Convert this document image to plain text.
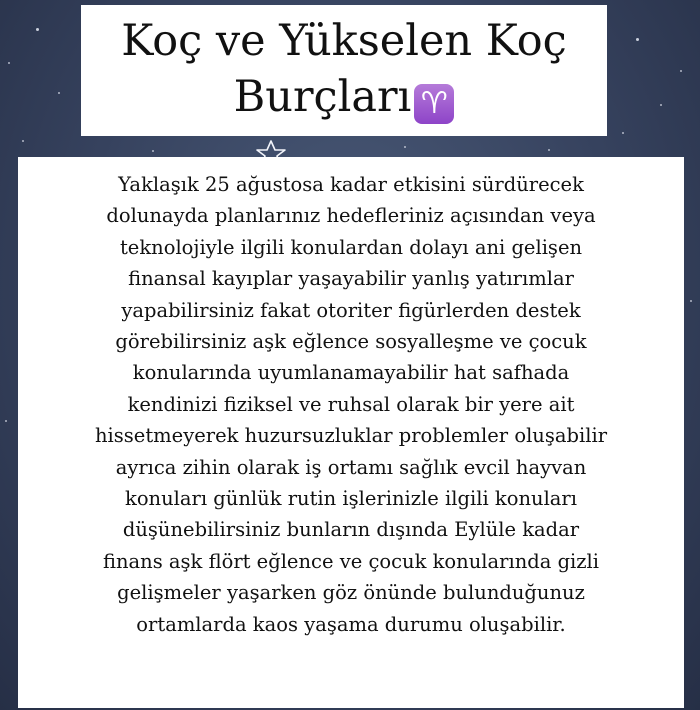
Koç ve Yükselen Koç
Burçları ♈
Yaklaşık 25 ağustosa kadar etkisini sürdürecek
dolunayda planlarınız hedefleriniz açısından veya
teknolojiyle ilgili konulardan dolayı ani gelişen
finansal kayıplar yaşayabilir yanlış yatırımlar
yapabilirsiniz fakat otoriter figürlerden destek
görebilirsiniz aşk eğlence sosyalleşme ve çocuk
konularında uyumlanamayabilir hat safhada
kendinizi fiziksel ve ruhsal olarak bir yere ait
hissetmeyerek huzursuzluklar problemler oluşabilir
ayrıca zihin olarak iş ortamı sağlık evcil hayvan
konuları günlük rutin işlerinizle ilgili konuları
düşünebilirsiniz bunların dışında Eylüle kadar
finans aşk flört eğlence ve çocuk konularında gizli
gelişmeler yaşarken göz önünde bulunduğunuz
ortamlarda kaos yaşama durumu oluşabilir.
